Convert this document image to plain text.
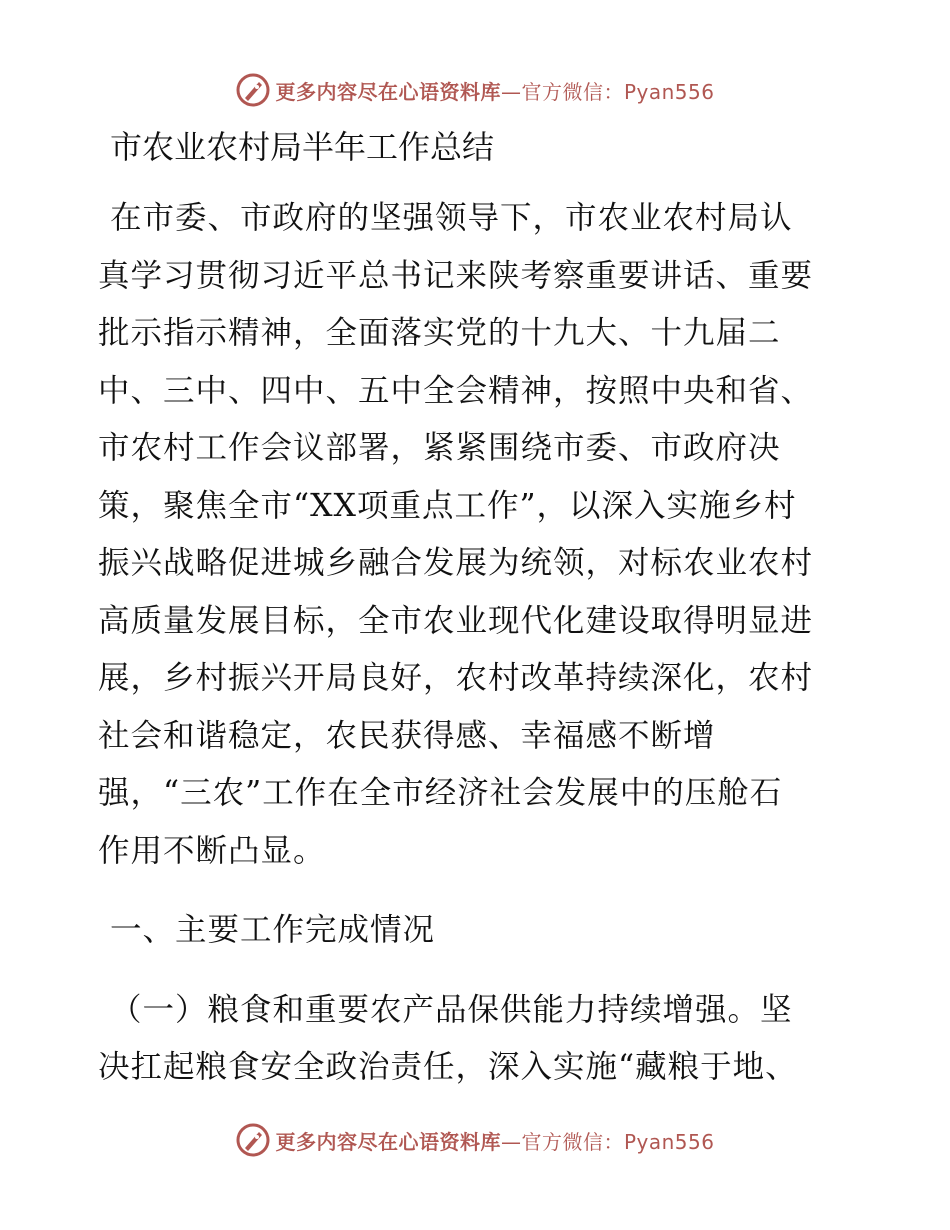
更多内容尽在心语资料库—官方微信：Pyan556
市农业农村局半年工作总结
在市委、市政府的坚强领导下，市农业农村局认
真学习贯彻习近平总书记来陕考察重要讲话、重要
批示指示精神，全面落实党的十九大、十九届二
中、三中、四中、五中全会精神，按照中央和省、
市农村工作会议部署，紧紧围绕市委、市政府决
策，聚焦全市“XX项重点工作”，以深入实施乡村
振兴战略促进城乡融合发展为统领，对标农业农村
高质量发展目标，全市农业现代化建设取得明显进
展，乡村振兴开局良好，农村改革持续深化，农村
社会和谐稳定，农民获得感、幸福感不断增
强，“三农”工作在全市经济社会发展中的压舱石
作用不断凸显。
一、主要工作完成情况
（一）粮食和重要农产品保供能力持续增强。坚
决扛起粮食安全政治责任，深入实施“藏粮于地、
更多内容尽在心语资料库—官方微信：Pyan556
